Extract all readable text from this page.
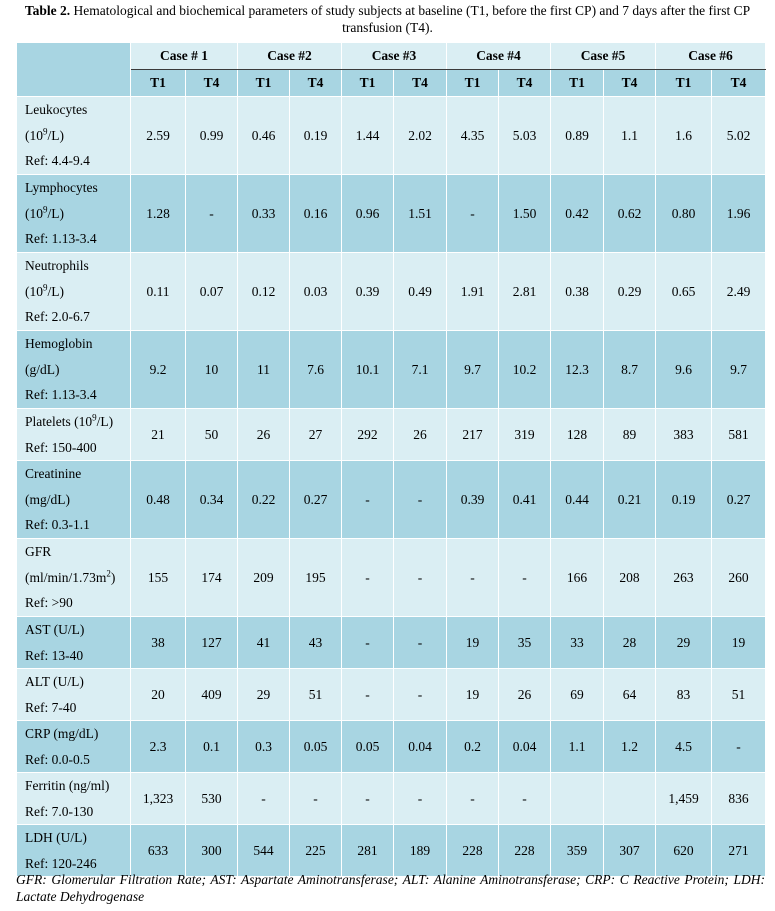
Table 2. Hematological and biochemical parameters of study subjects at baseline (T1, before the first CP) and 7 days after the first CP transfusion (T4).
	Case # 1		Case #2		Case #3		Case #4		Case #5		Case #6	
	T1	T4	T1	T4	T1	T4	T1	T4	T1	T4	T1	T4

Leukocytes
$(10^9/L)$
Ref: 4.4-9.4	2.59	0.99	0.46	0.19	1.44	2.02	4.35	5.03	0.89	1.1	1.6	5.02

Lymphocytes
$(10^9/L)$
Ref: 1.13-3.4	1.28	-	0.33	0.16	0.96	1.51	-	1.50	0.42	0.62	0.80	1.96

Neutrophils
$(10^9/L)$
Ref: 2.0-6.7	0.11	0.07	0.12	0.03	0.39	0.49	1.91	2.81	0.38	0.29	0.65	2.49

Hemoglobin
(g/dL)
Ref: 1.13-3.4	9.2	10	11	7.6	10.1	7.1	9.7	10.2	12.3	8.7	9.6	9.7

Platelets $(10^9/L)$
Ref: 150-400	21	50	26	27	292	26	217	319	128	89	383	581

Creatinine
(mg/dL)
Ref: 0.3-1.1	0.48	0.34	0.22	0.27	-	-	0.39	0.41	0.44	0.21	0.19	0.27

GFR
$(ml/\min/1.73m^2)$
Ref: >90	155	174	209	195	-	-	-	-	166	208	263	260

AST (U/L)
Ref: 13-40	38	127	41	43	-	-	19	35	33	28	29	19

ALT (U/L)
Ref: 7-40	20	409	29	51	-	-	19	26	69	64	83	51

CRP (mg/dL)
Ref: 0.0-0.5	2.3	0.1	0.3	0.05	0.05	0.04	0.2	0.04	1.1	1.2	4.5	-

Ferritin (ng/ml)
Ref: 7.0-130	1,323	530	-	-	-	-	-	-			1,459	836

LDH (U/L)
Ref: 120-246	633	300	544	225	281	189	228	228	359	307	620	271
GFR: Glomerular Filtration Rate; AST: Aspartate Aminotransferase; ALT: Alanine Aminotransferase; CRP: C Reactive Protein; LDH: Lactate Dehydrogenase
